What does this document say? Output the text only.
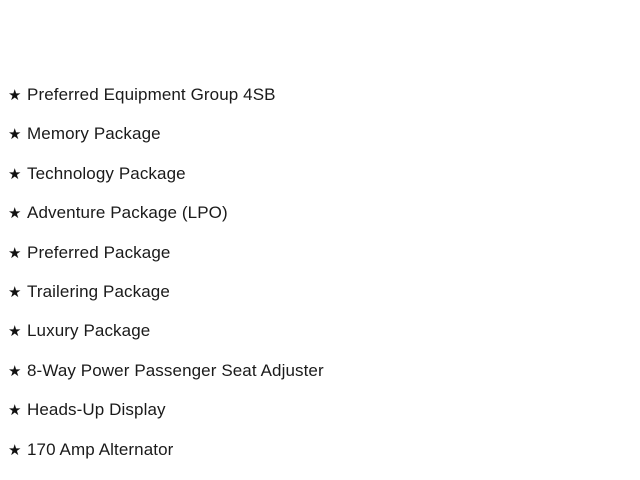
★ Preferred Equipment Group 4SB
★ Memory Package
★ Technology Package
★ Adventure Package (LPO)
★ Preferred Package
★ Trailering Package
★ Luxury Package
★ 8-Way Power Passenger Seat Adjuster
★ Heads-Up Display
★ 170 Amp Alternator
